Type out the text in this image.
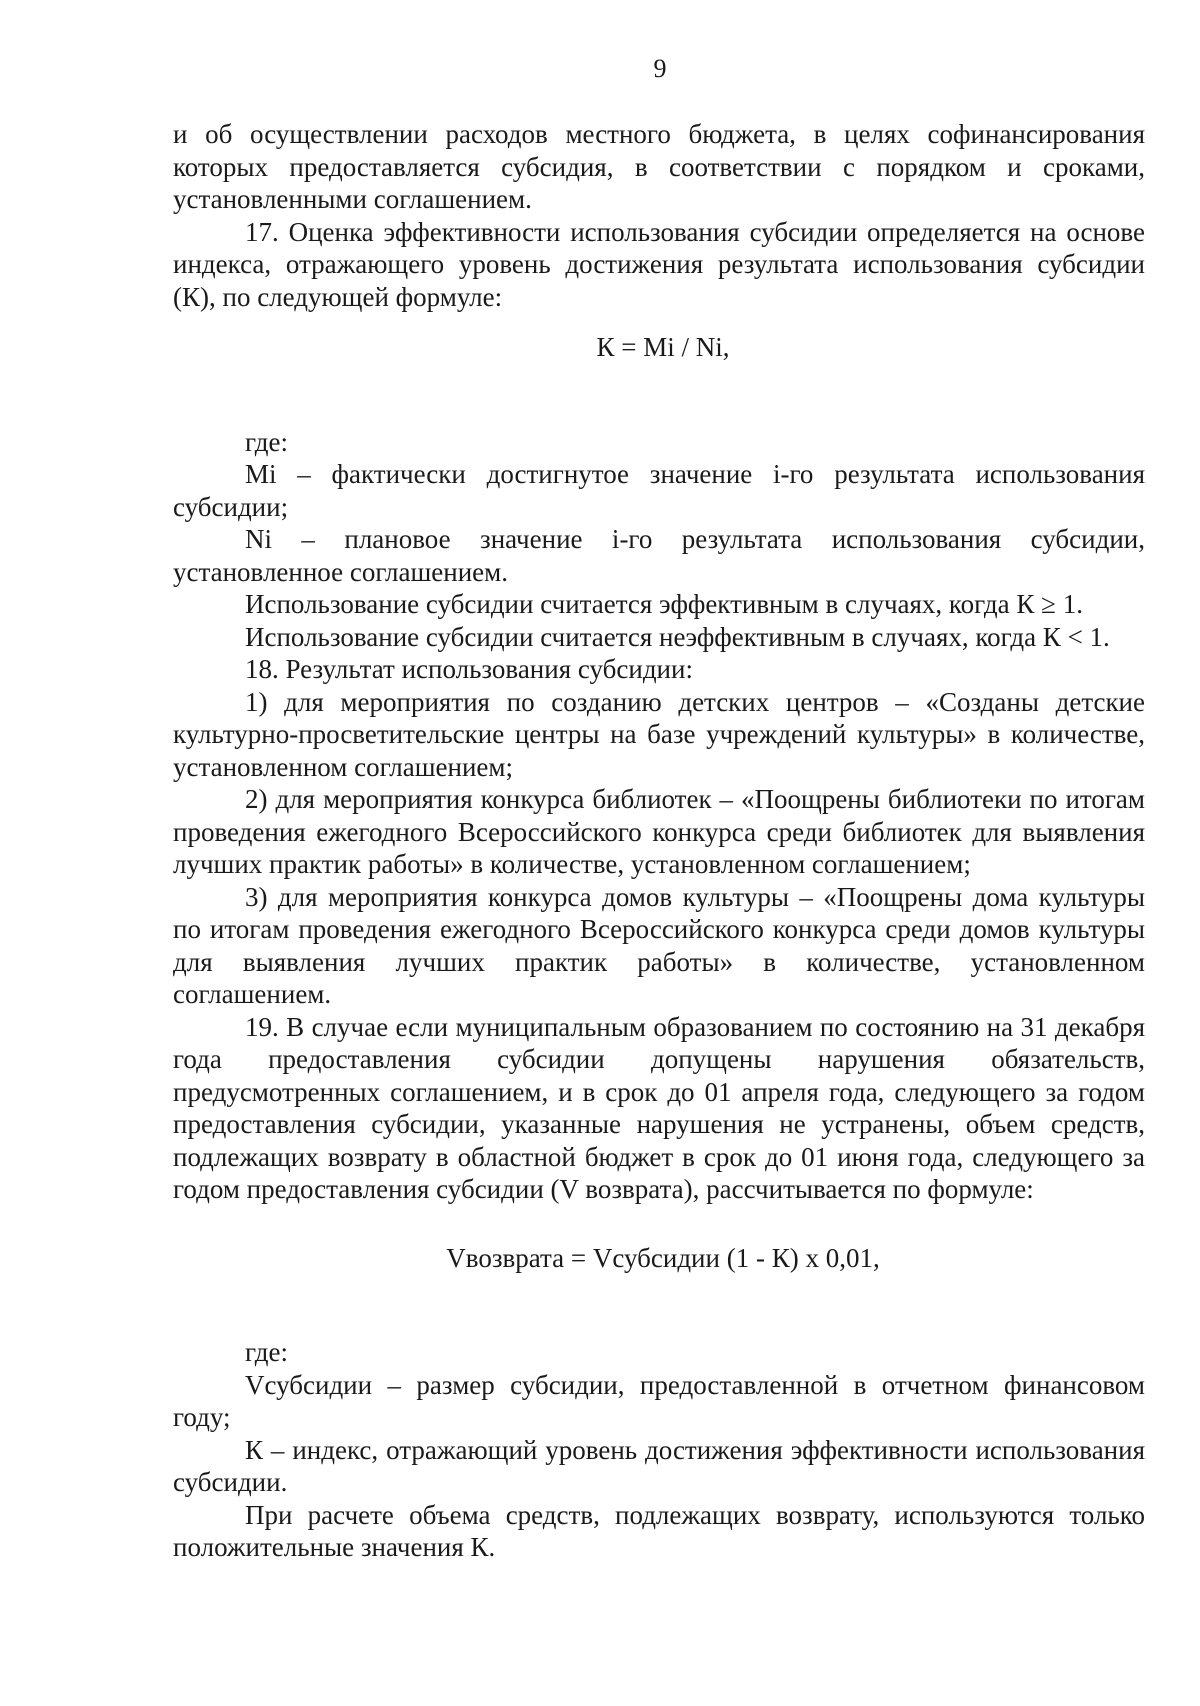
9

и об осуществлении расходов местного бюджета, в целях софинансирования которых предоставляется субсидия, в соответствии с порядком и сроками, установленными соглашением.

17. Оценка эффективности использования субсидии определяется на основе индекса, отражающего уровень достижения результата использования субсидии (К), по следующей формуле:

К = Mi / Ni,

где:

Mi – фактически достигнутое значение i-го результата использования субсидии;

Ni – плановое значение i-го результата использования субсидии, установленное соглашением.

Использование субсидии считается эффективным в случаях, когда К ≥ 1.

Использование субсидии считается неэффективным в случаях, когда К < 1.

18. Результат использования субсидии:

1) для мероприятия по созданию детских центров – «Созданы детские культурно-просветительские центры на базе учреждений культуры» в количестве, установленном соглашением;

2) для мероприятия конкурса библиотек – «Поощрены библиотеки по итогам проведения ежегодного Всероссийского конкурса среди библиотек для выявления лучших практик работы» в количестве, установленном соглашением;

3) для мероприятия конкурса домов культуры – «Поощрены дома культуры по итогам проведения ежегодного Всероссийского конкурса среди домов культуры для выявления лучших практик работы» в количестве, установленном соглашением.

19. В случае если муниципальным образованием по состоянию на 31 декабря года предоставления субсидии допущены нарушения обязательств, предусмотренных соглашением, и в срок до 01 апреля года, следующего за годом предоставления субсидии, указанные нарушения не устранены, объем средств, подлежащих возврату в областной бюджет в срок до 01 июня года, следующего за годом предоставления субсидии (V возврата), рассчитывается по формуле:

Vвозврата = Vсубсидии (1 - К) х 0,01,

где:

Vсубсидии – размер субсидии, предоставленной в отчетном финансовом году;

К – индекс, отражающий уровень достижения эффективности использования субсидии.

При расчете объема средств, подлежащих возврату, используются только положительные значения К.
